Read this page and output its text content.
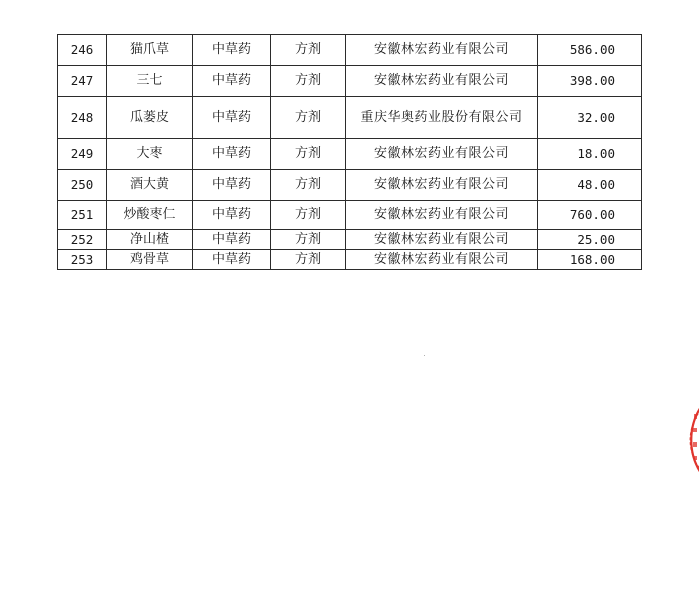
246	猫爪草	中草药	方剂	安徽林宏药业有限公司	586.00
247	三七	中草药	方剂	安徽林宏药业有限公司	398.00
248	瓜蒌皮	中草药	方剂	重庆华奥药业股份有限公司	32.00
249	大枣	中草药	方剂	安徽林宏药业有限公司	18.00
250	酒大黄	中草药	方剂	安徽林宏药业有限公司	48.00
251	炒酸枣仁	中草药	方剂	安徽林宏药业有限公司	760.00
252	净山楂	中草药	方剂	安徽林宏药业有限公司	25.00
253	鸡骨草	中草药	方剂	安徽林宏药业有限公司	168.00
